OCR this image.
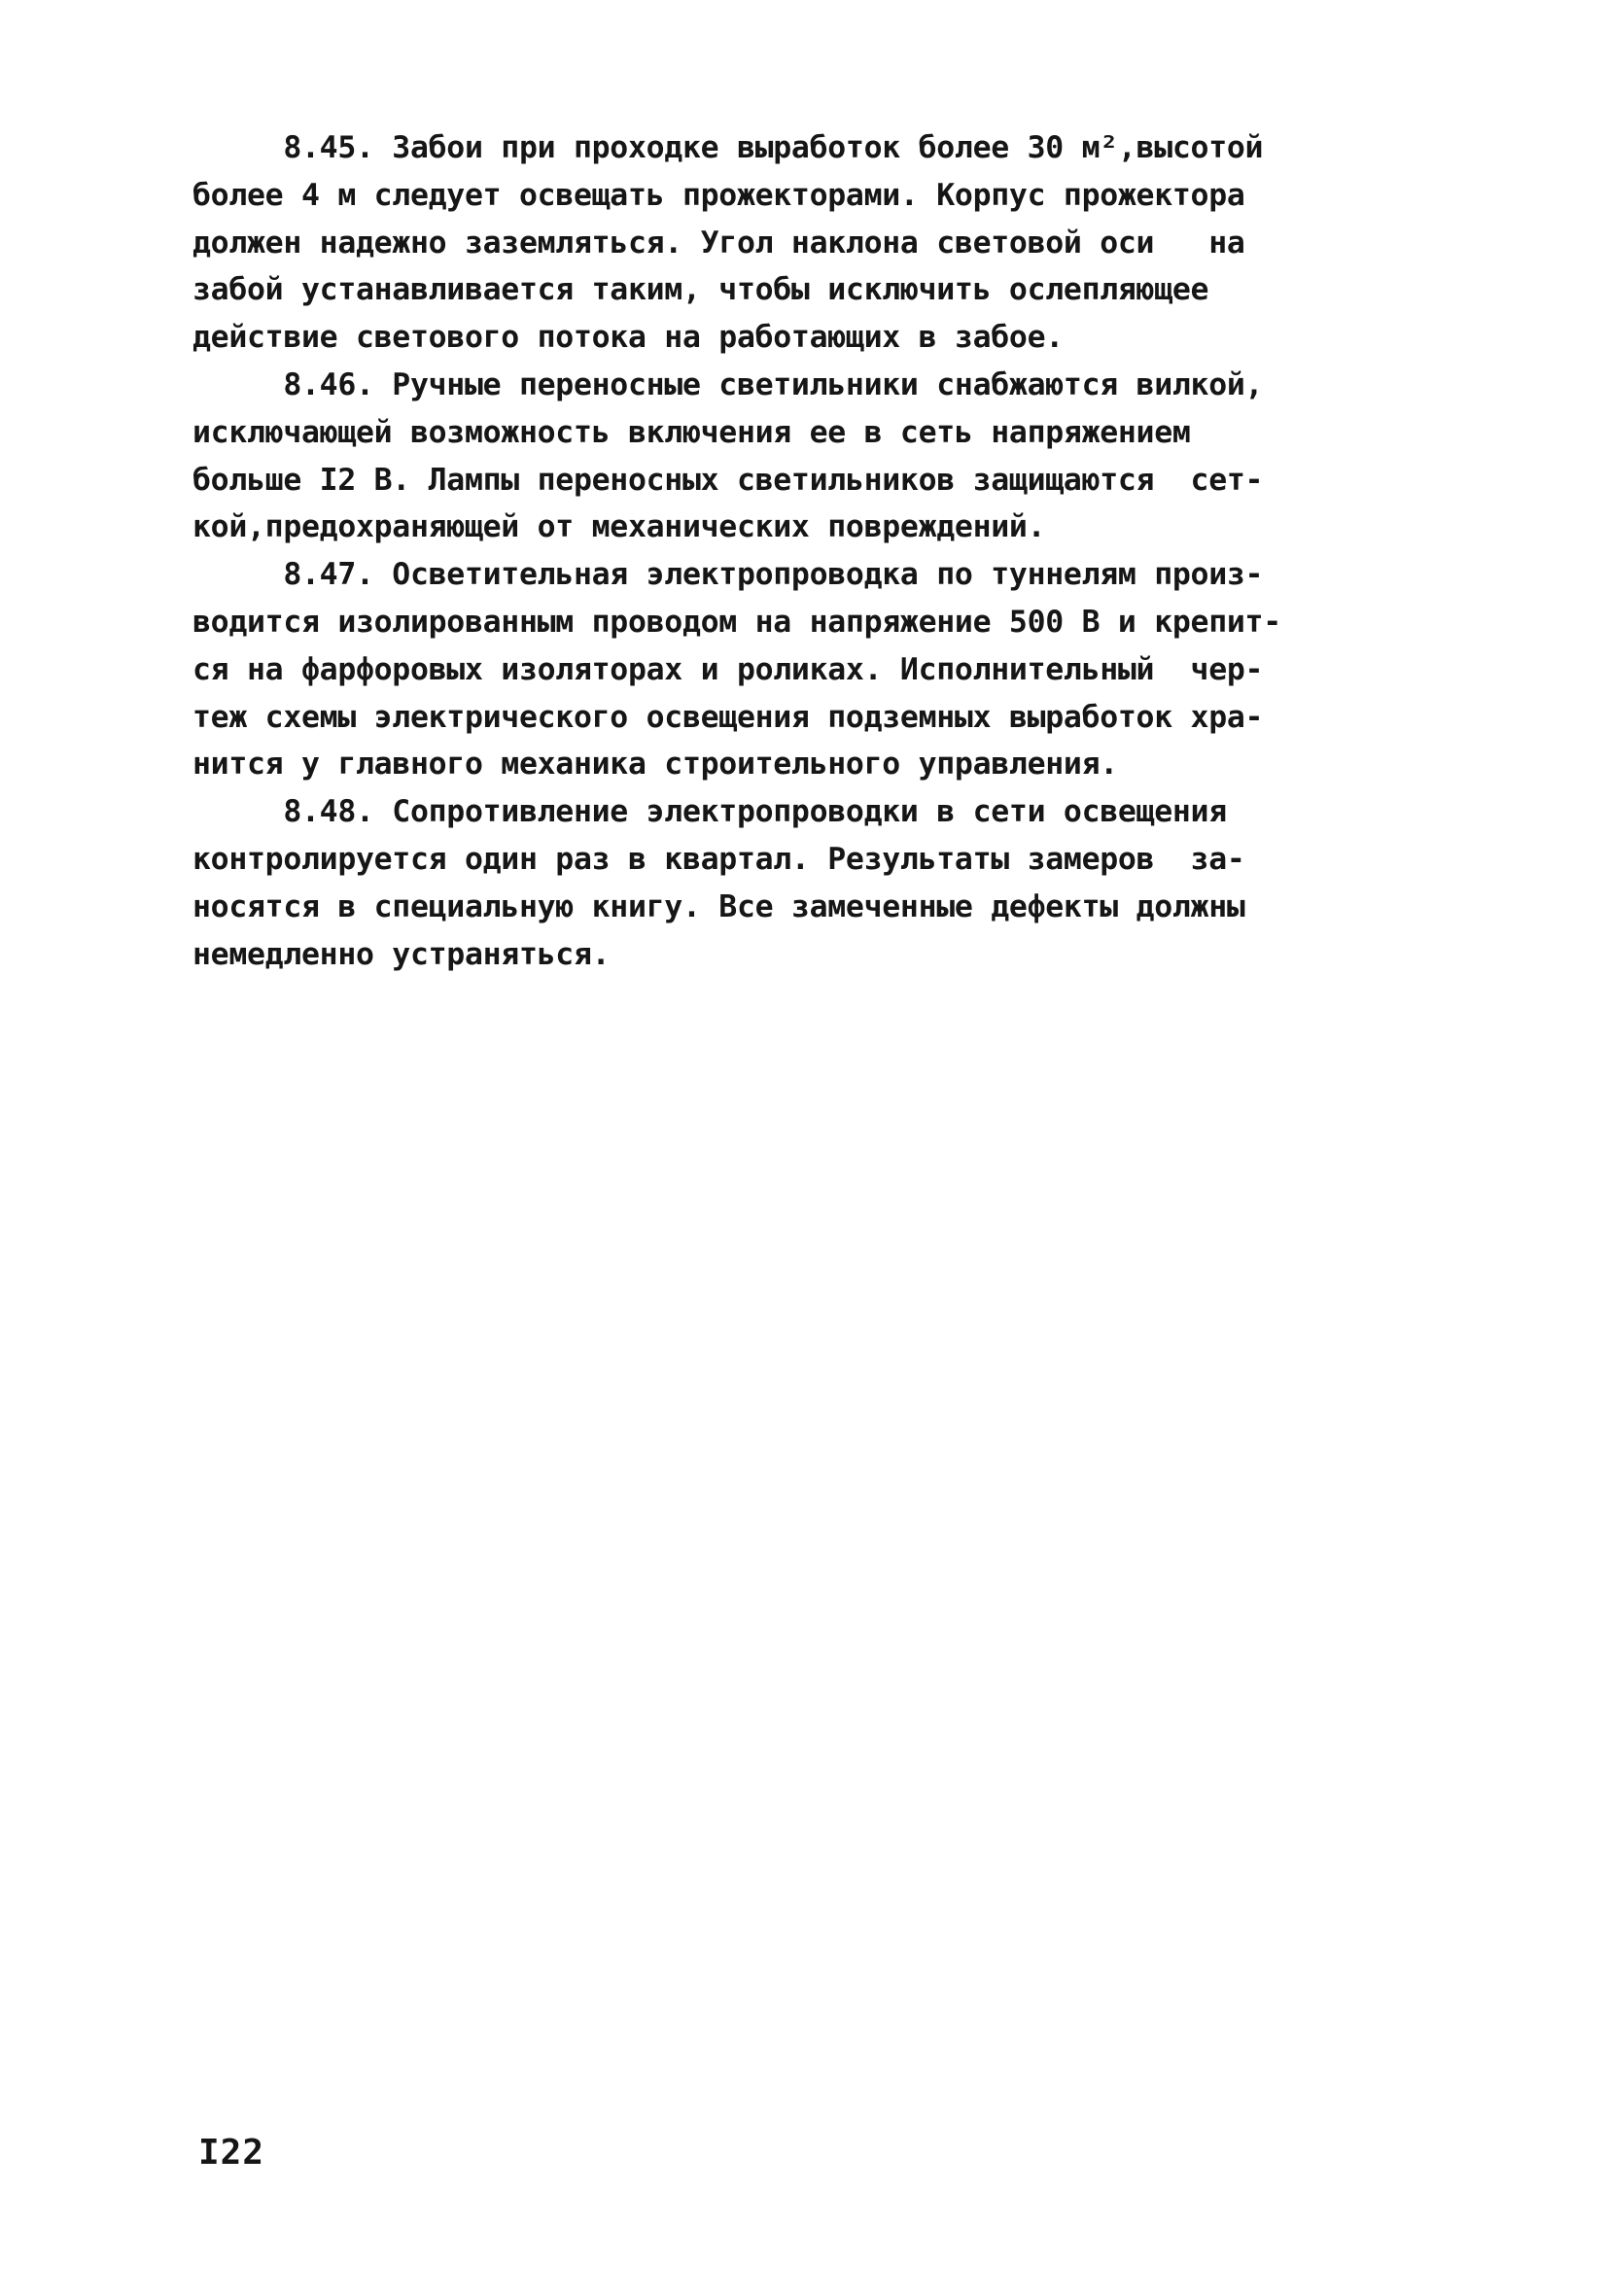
8.45. Забои при проходке выработок более 30 м²,высотой
более 4 м следует освещать прожекторами. Корпус прожектора
должен надежно заземляться. Угол наклона световой оси   на
забой устанавливается таким, чтобы исключить ослепляющее
действие светового потока на работающих в забое.
8.46. Ручные переносные светильники снабжаются вилкой,
исключающей возможность включения ее в сеть напряжением
больше I2 В. Лампы переносных светильников защищаются  сет-
кой,предохраняющей от механических повреждений.
8.47. Осветительная электропроводка по туннелям произ-
водится изолированным проводом на напряжение 500 В и крепит-
ся на фарфоровых изоляторах и роликах. Исполнительный  чер-
теж схемы электрического освещения подземных выработок хра-
нится у главного механика строительного управления.
8.48. Сопротивление электропроводки в сети освещения
контролируется один раз в квартал. Результаты замеров  за-
носятся в специальную книгу. Все замеченные дефекты должны
немедленно устраняться.
I22
